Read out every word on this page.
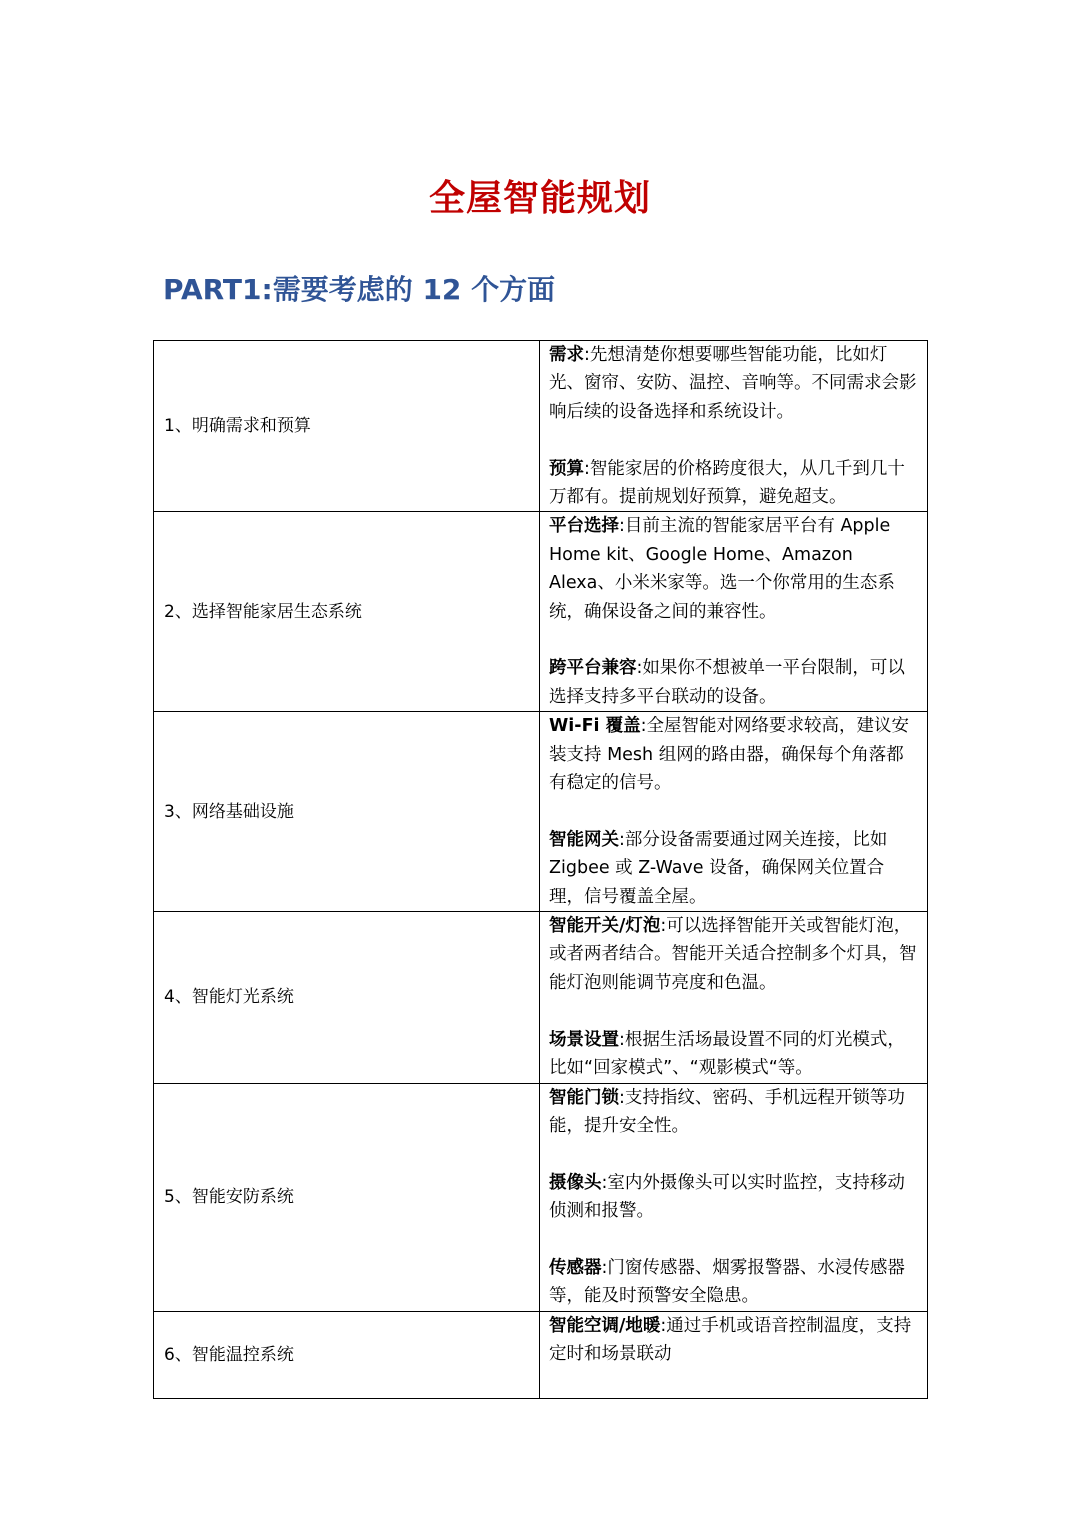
全屋智能规划
PART1:需要考虑的 12 个方面
1、明确需求和预算	需求:先想清楚你想要哪些智能功能，比如灯光、窗帘、安防、温控、音响等。不同需求会影响后续的设备选择和系统设计。

预算:智能家居的价格跨度很大，从几千到几十万都有。提前规划好预算，避免超支。

2、选择智能家居生态系统	平台选择:目前主流的智能家居平台有 Apple Home kit、Google Home、Amazon Alexa、小米米家等。选一个你常用的生态系统，确保设备之间的兼容性。

跨平台兼容:如果你不想被单一平台限制，可以选择支持多平台联动的设备。

3、网络基础设施	Wi-Fi 覆盖:全屋智能对网络要求较高，建议安装支持 Mesh 组网的路由器，确保每个角落都有稳定的信号。

智能网关:部分设备需要通过网关连接，比如 Zigbee 或 Z-Wave 设备，确保网关位置合理，信号覆盖全屋。

4、智能灯光系统	智能开关/灯泡:可以选择智能开关或智能灯泡，或者两者结合。智能开关适合控制多个灯具，智能灯泡则能调节亮度和色温。

场景设置:根据生活场最设置不同的灯光模式，比如“回家模式”、“观影模式“等。

5、智能安防系统	智能门锁:支持指纹、密码、手机远程开锁等功能，提升安全性。

摄像头:室内外摄像头可以实时监控，支持移动侦测和报警。

传感器:门窗传感器、烟雾报警器、水浸传感器等，能及时预警安全隐患。

6、智能温控系统	智能空调/地暖:通过手机或语音控制温度，支持定时和场景联动
